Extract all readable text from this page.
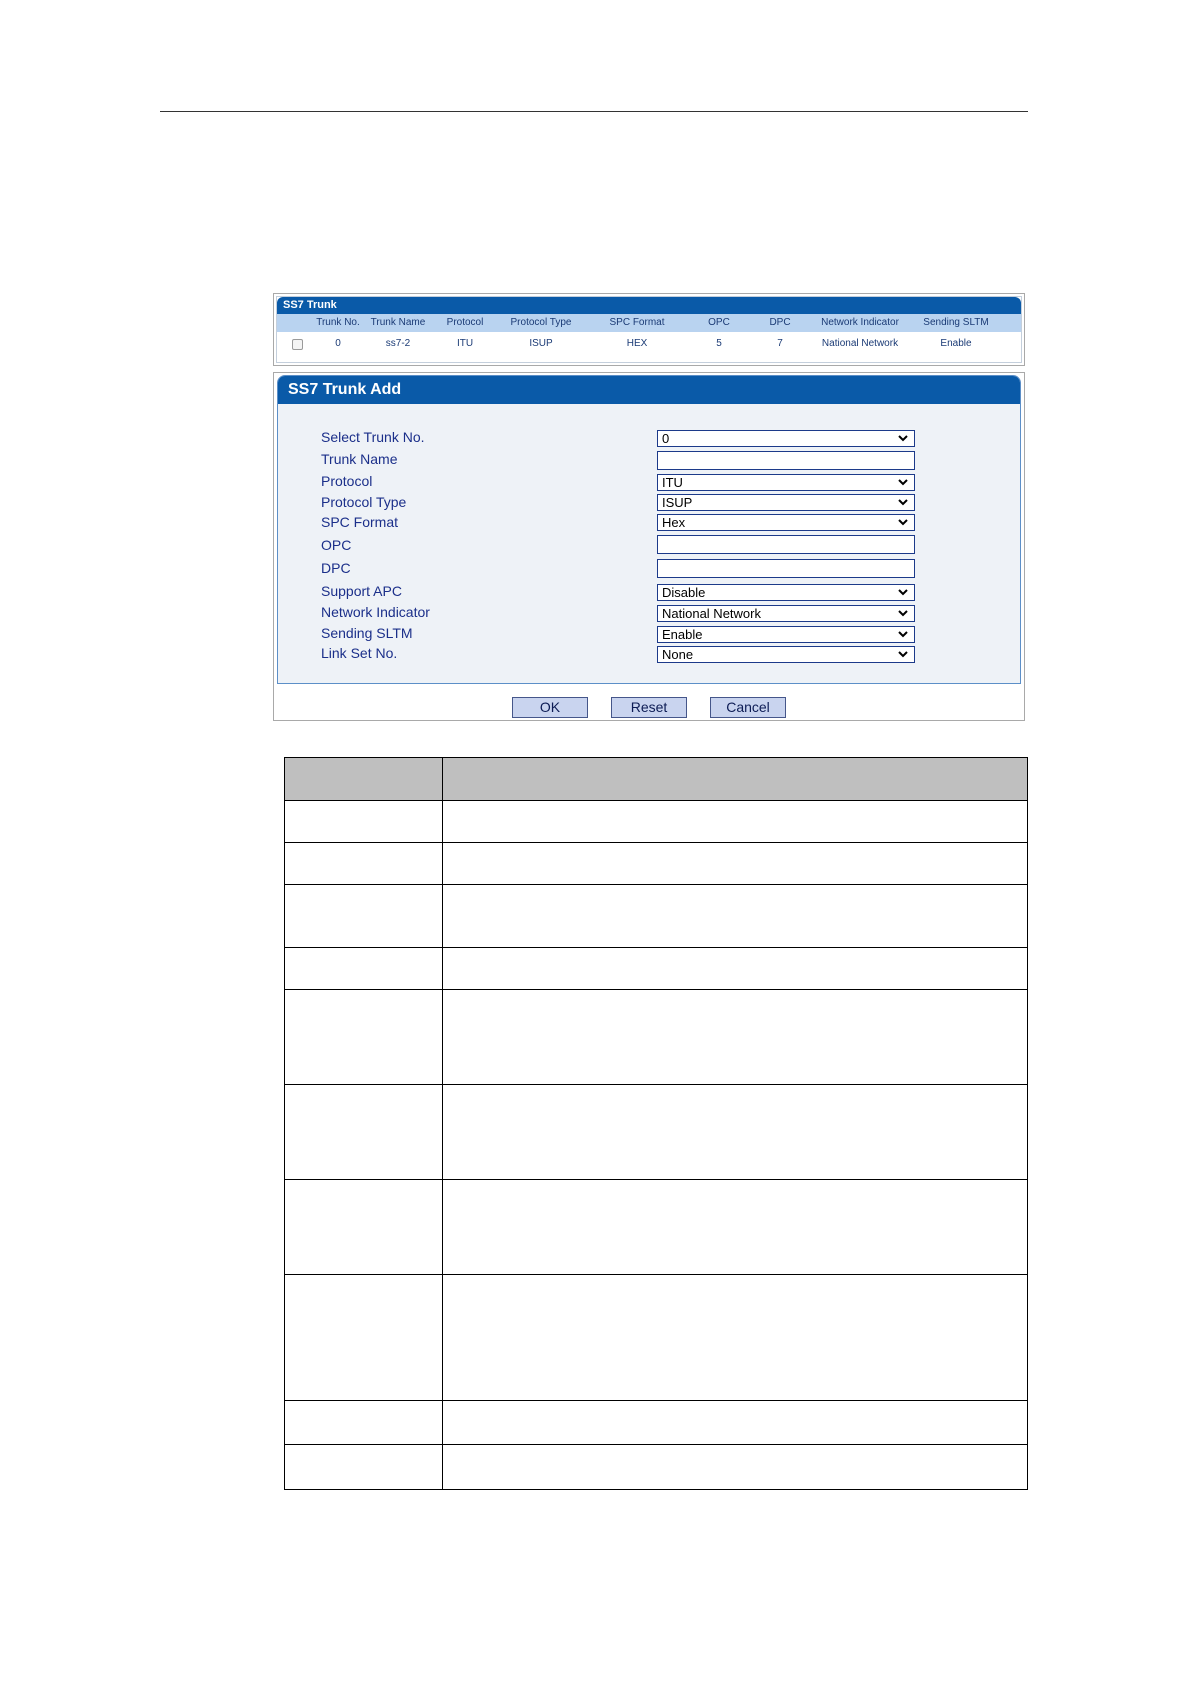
SS7 Trunk
Trunk No.	Trunk Name	Protocol	Protocol Type	SPC Format	OPC	DPC	Network Indicator	Sending SLTM
0	ss7-2	ITU	ISUP	HEX	5	7	National Network	Enable
SS7 Trunk Add
Select Trunk No.	0
Trunk Name
Protocol	ITU
Protocol Type	ISUP
SPC Format	Hex
OPC
DPC
Support APC	Disable
Network Indicator	National Network
Sending SLTM	Enable
Link Set No.	None
OK	Reset	Cancel
